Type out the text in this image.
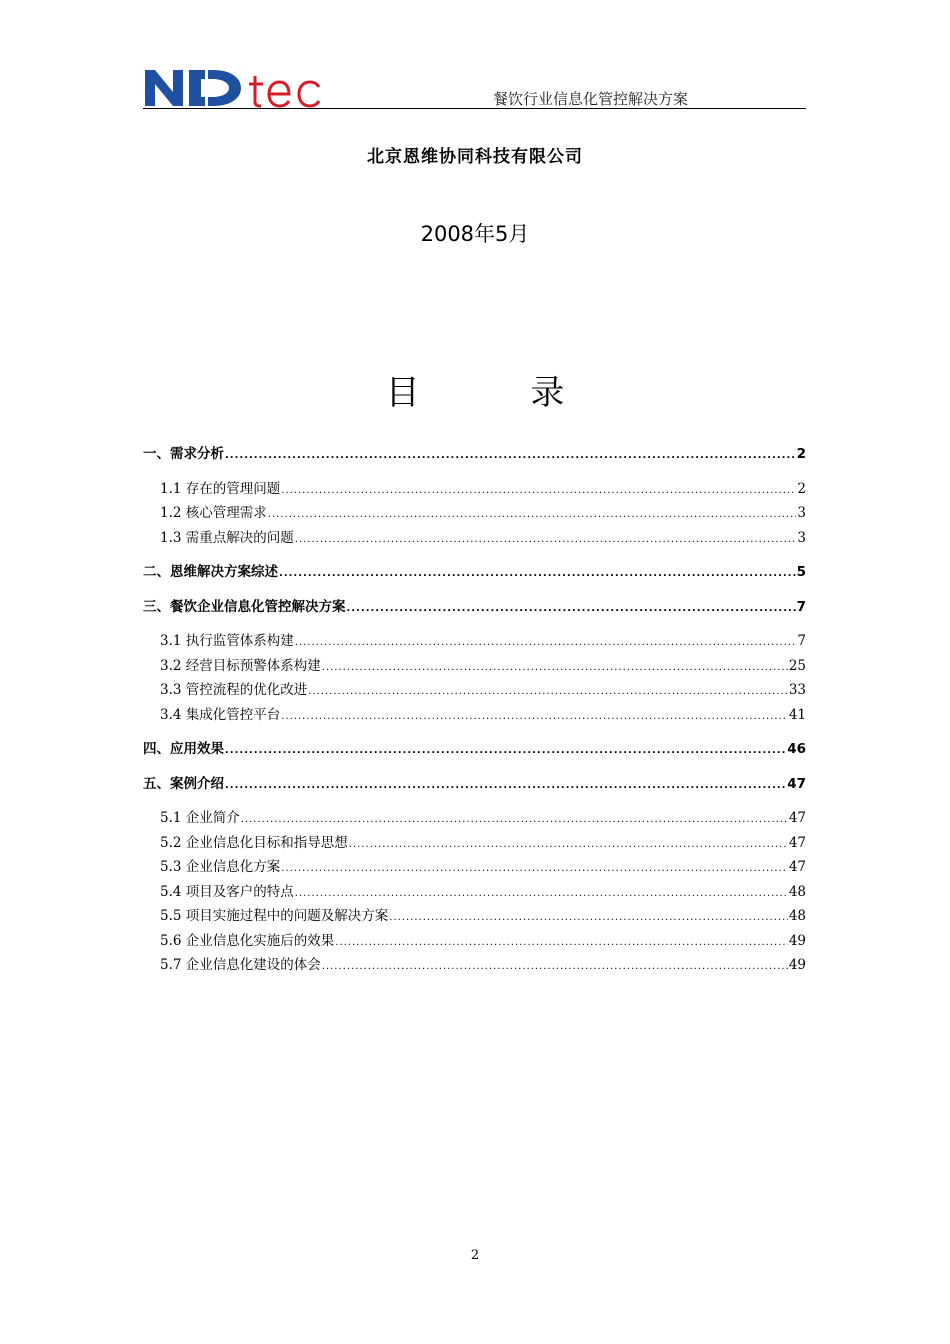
餐饮行业信息化管控解决方案
北京恩维协同科技有限公司
2008年5月
目 录
一、需求分析 .....	2
1.1 存在的管理问题 .....	2
1.2 核心管理需求 .....	3
1.3 需重点解决的问题 .....	3
二、恩维解决方案综述 .....	5
三、餐饮企业信息化管控解决方案 .....	7
3.1 执行监管体系构建 .....	7
3.2 经营目标预警体系构建 .....	25
3.3 管控流程的优化改进 .....	33
3.4 集成化管控平台 .....	41
四、应用效果 .....	46
五、案例介绍 .....	47
5.1 企业简介 .....	47
5.2 企业信息化目标和指导思想 .....	47
5.3 企业信息化方案 .....	47
5.4 项目及客户的特点 .....	48
5.5 项目实施过程中的问题及解决方案 .....	48
5.6 企业信息化实施后的效果 .....	49
5.7 企业信息化建设的体会 .....	49
2
